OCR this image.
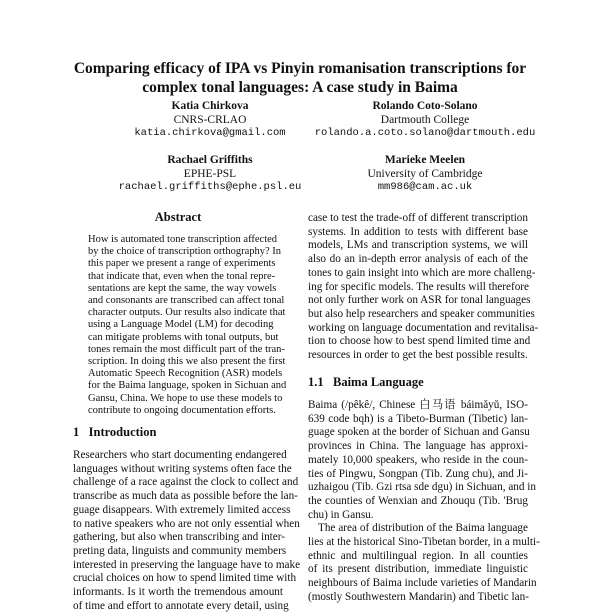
Comparing efficacy of IPA vs Pinyin romanisation transcriptions for
complex tonal languages: A case study in Baima
Katia Chirkova
CNRS-CRLAO
katia.chirkova@gmail.com
Rolando Coto-Solano
Dartmouth College
rolando.a.coto.solano@dartmouth.edu
Rachael Griffiths
EPHE-PSL
rachael.griffiths@ephe.psl.eu
Marieke Meelen
University of Cambridge
mm986@cam.ac.uk
Abstract
1   Introduction
1.1   Baima Language
How is automated tone transcription affected
by the choice of transcription orthography? In
this paper we present a range of experiments
that indicate that, even when the tonal repre-
sentations are kept the same, the way vowels
and consonants are transcribed can affect tonal
character outputs. Our results also indicate that
using a Language Model (LM) for decoding
can mitigate problems with tonal outputs, but
tones remain the most difficult part of the tran-
scription. In doing this we also present the first
Automatic Speech Recognition (ASR) models
for the Baima language, spoken in Sichuan and
Gansu, China. We hope to use these models to
contribute to ongoing documentation efforts.
Researchers who start documenting endangered
languages without writing systems often face the
challenge of a race against the clock to collect and
transcribe as much data as possible before the lan-
guage disappears. With extremely limited access
to native speakers who are not only essential when
gathering, but also when transcribing and inter-
preting data, linguists and community members
interested in preserving the language have to make
crucial choices on how to spend limited time with
informants. Is it worth the tremendous amount
of time and effort to annotate every detail, using
case to test the trade-off of different transcription
systems. In addition to tests with different base
models, LMs and transcription systems, we will
also do an in-depth error analysis of each of the
tones to gain insight into which are more challeng-
ing for specific models. The results will therefore
not only further work on ASR for tonal languages
but also help researchers and speaker communities
working on language documentation and revitalisa-
tion to choose how to best spend limited time and
resources in order to get the best possible results.
Baima (/pêkê/, Chinese 白马语 báimǎyǔ, ISO-
639 code bqh) is a Tibeto-Burman (Tibetic) lan-
guage spoken at the border of Sichuan and Gansu
provinces in China. The language has approxi-
mately 10,000 speakers, who reside in the coun-
ties of Pingwu, Songpan (Tib. Zung chu), and Ji-
uzhaigou (Tib. Gzi rtsa sde dgu) in Sichuan, and in
the counties of Wenxian and Zhouqu (Tib. 'Brug
chu) in Gansu.
The area of distribution of the Baima language
lies at the historical Sino-Tibetan border, in a multi-
ethnic and multilingual region. In all counties
of its present distribution, immediate linguistic
neighbours of Baima include varieties of Mandarin
(mostly Southwestern Mandarin) and Tibetic lan-
